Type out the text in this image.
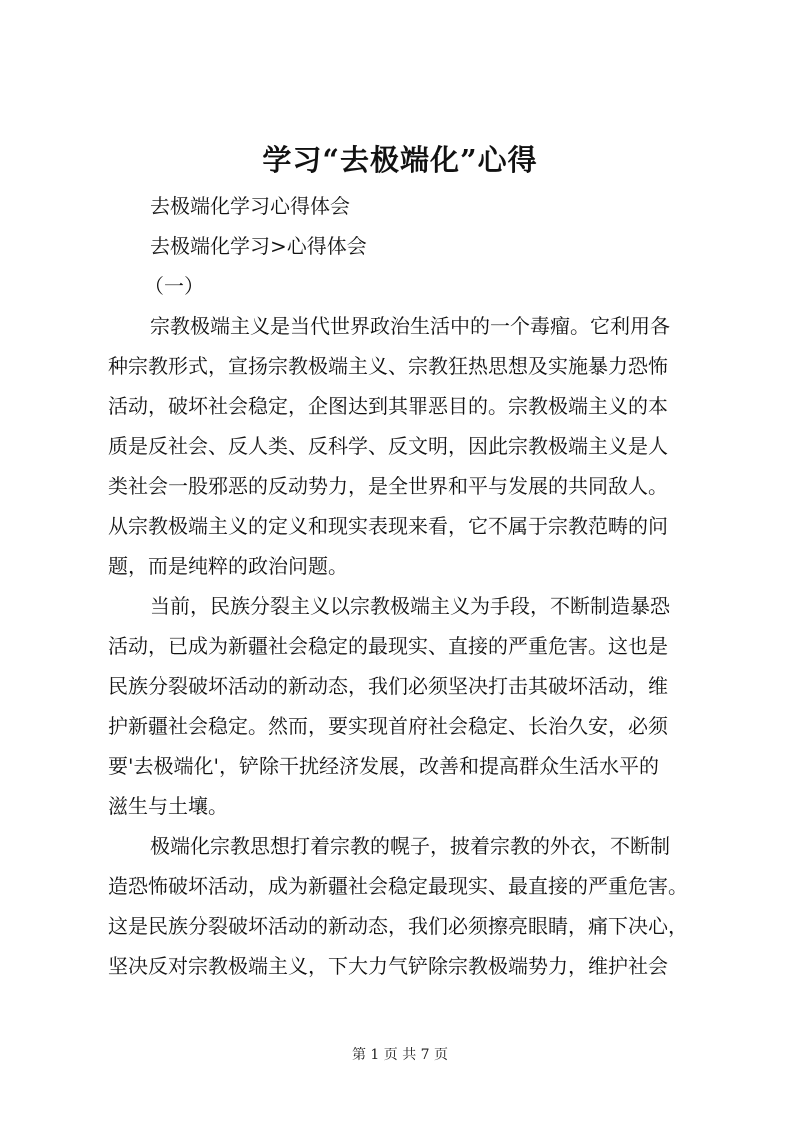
学习“去极端化”心得
去极端化学习心得体会
去极端化学习>心得体会
（一）
宗教极端主义是当代世界政治生活中的一个毒瘤。它利用各
种宗教形式，宣扬宗教极端主义、宗教狂热思想及实施暴力恐怖
活动，破坏社会稳定，企图达到其罪恶目的。宗教极端主义的本
质是反社会、反人类、反科学、反文明，因此宗教极端主义是人
类社会一股邪恶的反动势力，是全世界和平与发展的共同敌人。
从宗教极端主义的定义和现实表现来看，它不属于宗教范畴的问
题，而是纯粹的政治问题。
当前，民族分裂主义以宗教极端主义为手段，不断制造暴恐
活动，已成为新疆社会稳定的最现实、直接的严重危害。这也是
民族分裂破坏活动的新动态，我们必须坚决打击其破坏活动，维
护新疆社会稳定。然而，要实现首府社会稳定、长治久安，必须
要'去极端化'，铲除干扰经济发展，改善和提高群众生活水平的
滋生与土壤。
极端化宗教思想打着宗教的幌子，披着宗教的外衣，不断制
造恐怖破坏活动，成为新疆社会稳定最现实、最直接的严重危害。
这是民族分裂破坏活动的新动态，我们必须擦亮眼睛，痛下决心，
坚决反对宗教极端主义，下大力气铲除宗教极端势力，维护社会
第 1 页 共 7 页
